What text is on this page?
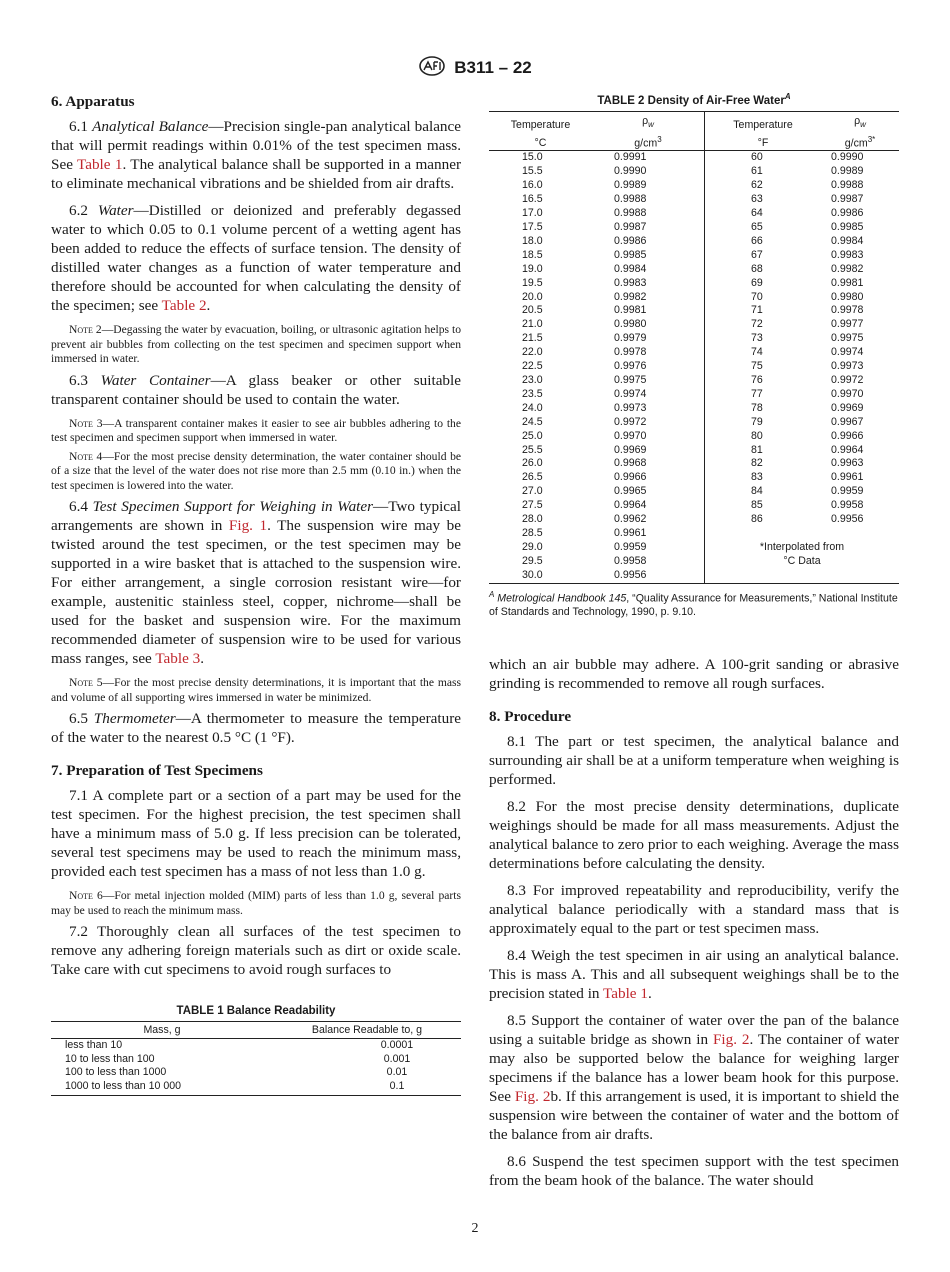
B311 – 22
6. Apparatus

6.1 Analytical Balance—Precision single-pan analytical balance that will permit readings within 0.01% of the test specimen mass. See Table 1. The analytical balance shall be supported in a manner to eliminate mechanical vibrations and be shielded from air drafts.

6.2 Water—Distilled or deionized and preferably degassed water to which 0.05 to 0.1 volume percent of a wetting agent has been added to reduce the effects of surface tension. The density of distilled water changes as a function of water temperature and therefore should be accounted for when calculating the density of the specimen; see Table 2.

Note 2—Degassing the water by evacuation, boiling, or ultrasonic agitation helps to prevent air bubbles from collecting on the test specimen and specimen support when immersed in water.

6.3 Water Container—A glass beaker or other suitable transparent container should be used to contain the water.

Note 3—A transparent container makes it easier to see air bubbles adhering to the test specimen and specimen support when immersed in water.

Note 4—For the most precise density determination, the water container should be of a size that the level of the water does not rise more than 2.5 mm (0.10 in.) when the test specimen is lowered into the water.

6.4 Test Specimen Support for Weighing in Water—Two typical arrangements are shown in Fig. 1. The suspension wire may be twisted around the test specimen, or the test specimen may be supported in a wire basket that is attached to the suspension wire. For either arrangement, a single corrosion resistant wire—for example, austenitic stainless steel, copper, nichrome—shall be used for the basket and suspension wire. For the maximum recommended diameter of suspension wire to be used for various mass ranges, see Table 3.

Note 5—For the most precise density determinations, it is important that the mass and volume of all supporting wires immersed in water be minimized.

6.5 Thermometer—A thermometer to measure the temperature of the water to the nearest 0.5 °C (1 °F).

7. Preparation of Test Specimens

7.1 A complete part or a section of a part may be used for the test specimen. For the highest precision, the test specimen shall have a minimum mass of 5.0 g. If less precision can be tolerated, several test specimens may be used to reach the minimum mass, provided each test specimen has a mass of not less than 1.0 g.

Note 6—For metal injection molded (MIM) parts of less than 1.0 g, several parts may be used to reach the minimum mass.

7.2 Thoroughly clean all surfaces of the test specimen to remove any adhering foreign materials such as dirt or oxide scale. Take care with cut specimens to avoid rough surfaces to

TABLE 1 Balance Readability
Mass, g	Balance Readable to, g
less than 10	0.0001
10 to less than 100	0.001
100 to less than 1000	0.01
1000 to less than 10 000	0.1
TABLE 2 Density of Air-Free Water$^A$
Temperature	$\rho_w$	Temperature	$\rho_w$
°C	$g/cm^3$	°F	$g/cm^{3*}$
15.0	0.9991	60	0.9990
15.5	0.9990	61	0.9989
16.0	0.9989	62	0.9988
16.5	0.9988	63	0.9987
17.0	0.9988	64	0.9986
17.5	0.9987	65	0.9985
18.0	0.9986	66	0.9984
18.5	0.9985	67	0.9983
19.0	0.9984	68	0.9982
19.5	0.9983	69	0.9981
20.0	0.9982	70	0.9980
20.5	0.9981	71	0.9978
21.0	0.9980	72	0.9977
21.5	0.9979	73	0.9975
22.0	0.9978	74	0.9974
22.5	0.9976	75	0.9973
23.0	0.9975	76	0.9972
23.5	0.9974	77	0.9970
24.0	0.9973	78	0.9969
24.5	0.9972	79	0.9967
25.0	0.9970	80	0.9966
25.5	0.9969	81	0.9964
26.0	0.9968	82	0.9963
26.5	0.9966	83	0.9961
27.0	0.9965	84	0.9959
27.5	0.9964	85	0.9958
28.0	0.9962	86	0.9956
28.5	0.9961		
29.0	0.9959	*Interpolated from	
29.5	0.9958	°C Data	
30.0	0.9956		

$^A$ Metrological Handbook 145, “Quality Assurance for Measurements,” National Institute of Standards and Technology, 1990, p. 9.10.

which an air bubble may adhere. A 100-grit sanding or abrasive grinding is recommended to remove all rough surfaces.

8. Procedure

8.1 The part or test specimen, the analytical balance and surrounding air shall be at a uniform temperature when weighing is performed.

8.2 For the most precise density determinations, duplicate weighings should be made for all mass measurements. Adjust the analytical balance to zero prior to each weighing. Average the mass determinations before calculating the density.

8.3 For improved repeatability and reproducibility, verify the analytical balance periodically with a standard mass that is approximately equal to the part or test specimen mass.

8.4 Weigh the test specimen in air using an analytical balance. This is mass A. This and all subsequent weighings shall be to the precision stated in Table 1.

8.5 Support the container of water over the pan of the balance using a suitable bridge as shown in Fig. 2. The container of water may also be supported below the balance for weighing larger specimens if the balance has a lower beam hook for this purpose. See Fig. 2b. If this arrangement is used, it is important to shield the suspension wire between the container of water and the bottom of the balance from air drafts.

8.6 Suspend the test specimen support with the test specimen from the beam hook of the balance. The water should

2
